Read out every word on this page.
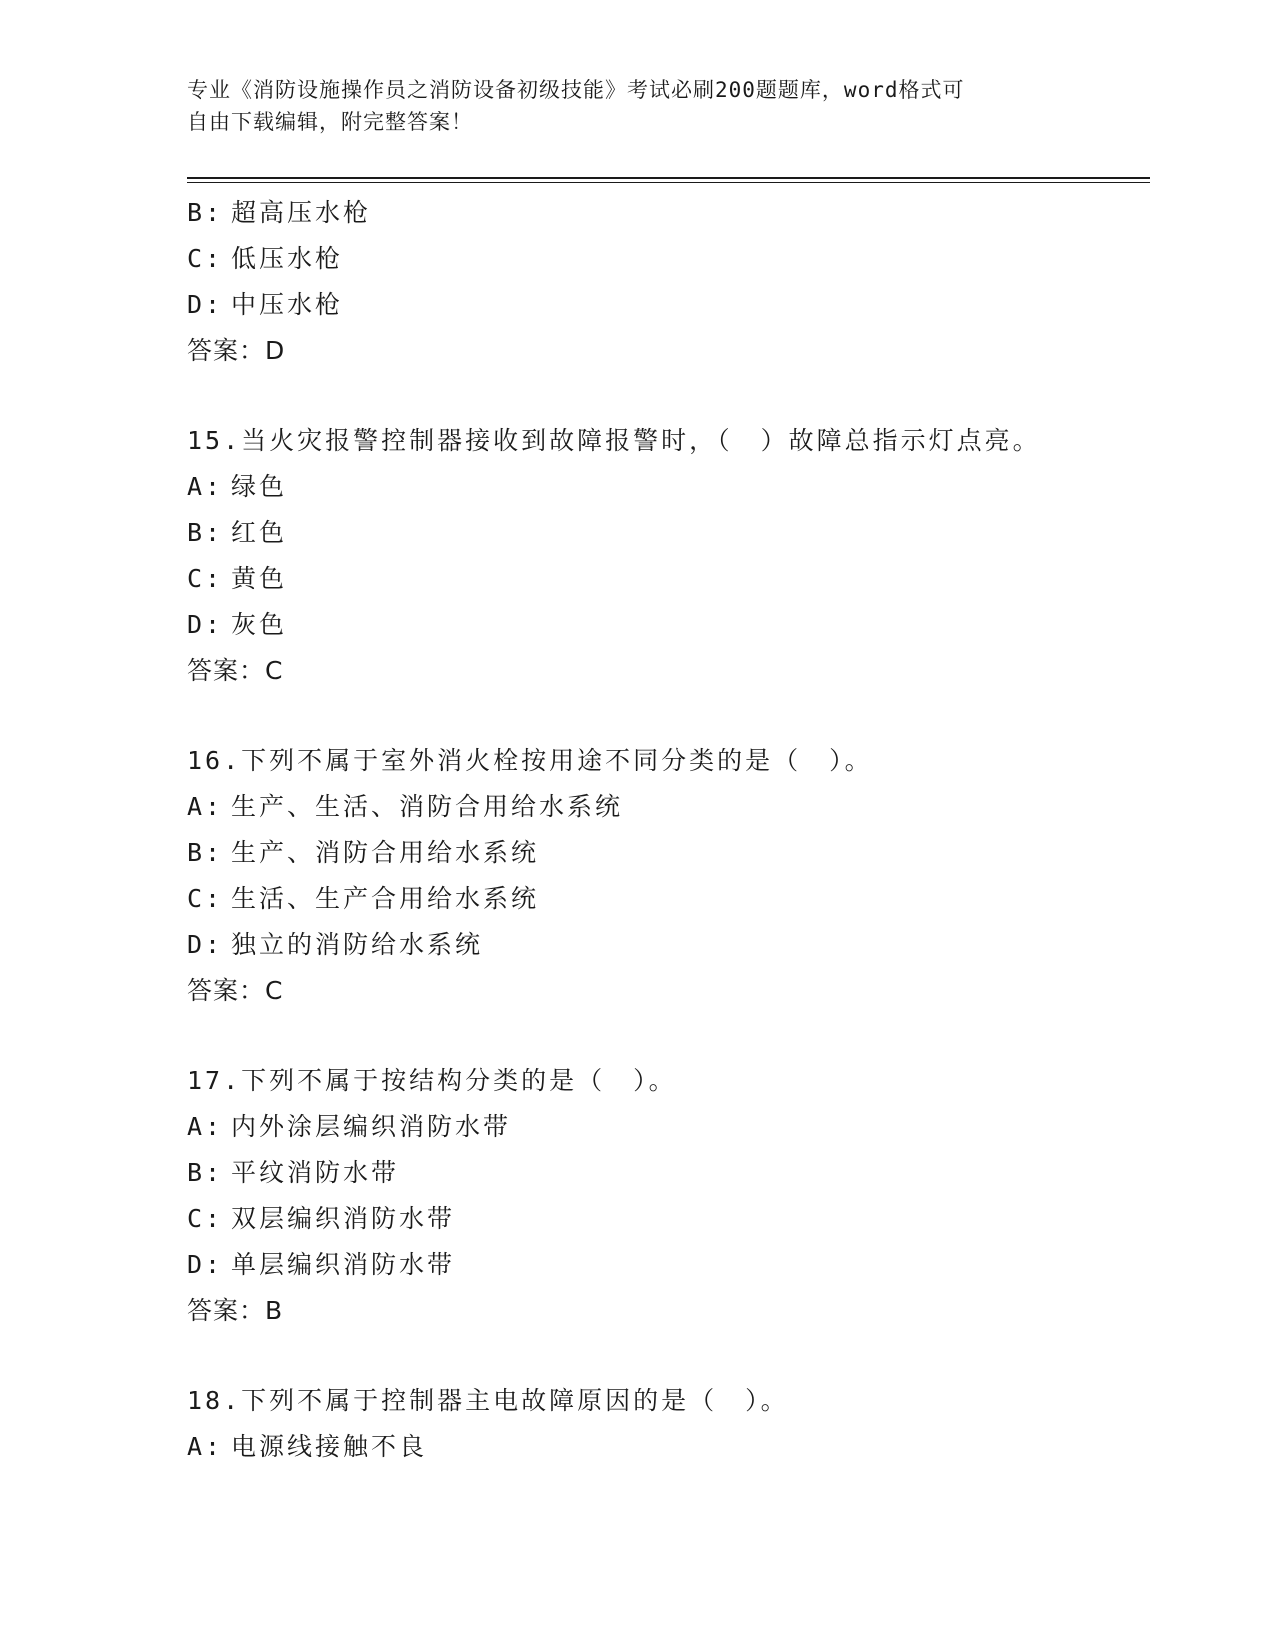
专业《消防设施操作员之消防设备初级技能》考试必刷200题题库，word格式可
自由下载编辑，附完整答案！
B: 超高压水枪
C: 低压水枪
D: 中压水枪
答案：D
15.当火灾报警控制器接收到故障报警时，（　）故障总指示灯点亮。
A: 绿色
B: 红色
C: 黄色
D: 灰色
答案：C
16.下列不属于室外消火栓按用途不同分类的是（　）。
A: 生产、生活、消防合用给水系统
B: 生产、消防合用给水系统
C: 生活、生产合用给水系统
D: 独立的消防给水系统
答案：C
17.下列不属于按结构分类的是（　）。
A: 内外涂层编织消防水带
B: 平纹消防水带
C: 双层编织消防水带
D: 单层编织消防水带
答案：B
18.下列不属于控制器主电故障原因的是（　）。
A: 电源线接触不良
